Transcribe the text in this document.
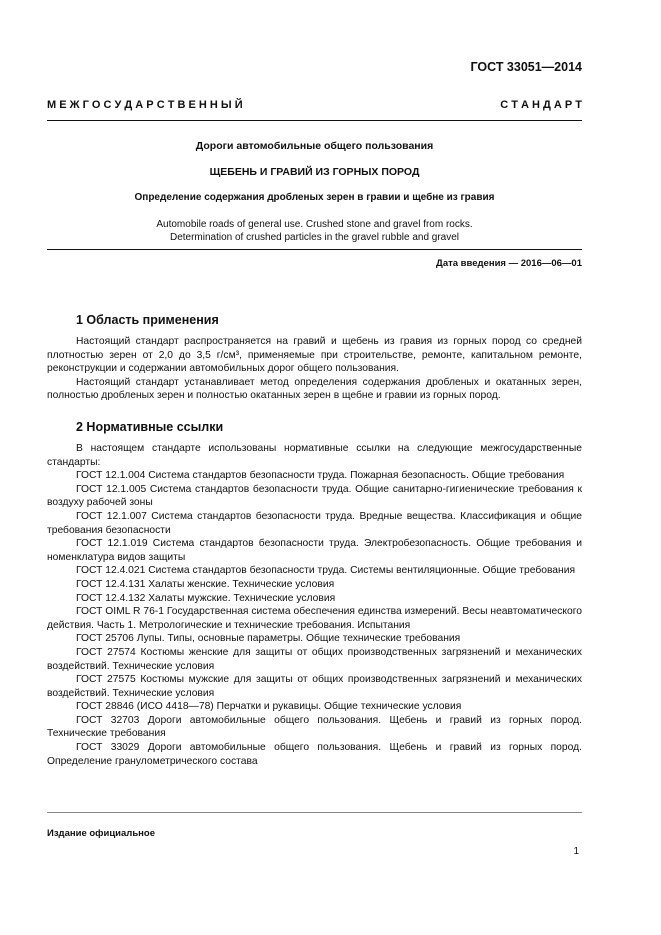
ГОСТ 33051—2014
М Е Ж Г О С У Д А Р С Т В Е Н Н Ы Й	С Т А Н Д А Р Т
Дороги автомобильные общего пользования
ЩЕБЕНЬ И ГРАВИЙ ИЗ ГОРНЫХ ПОРОД
Определение содержания дробленых зерен в гравии и щебне из гравия
Automobile roads of general use. Crushed stone and gravel from rocks.
Determination of crushed particles in the gravel rubble and gravel
Дата введения — 2016—06—01
1 Область применения

Настоящий стандарт распространяется на гравий и щебень из гравия из горных пород со средней плотностью зерен от 2,0 до 3,5 г/см³, применяемые при строительстве, ремонте, капитальном ремонте, реконструкции и содержании автомобильных дорог общего пользования.

Настоящий стандарт устанавливает метод определения содержания дробленых и окатанных зерен, полностью дробленых зерен и полностью окатанных зерен в щебне и гравии из горных пород.

2 Нормативные ссылки

В настоящем стандарте использованы нормативные ссылки на следующие межгосударственные стандарты:

ГОСТ 12.1.004 Система стандартов безопасности труда. Пожарная безопасность. Общие требования

ГОСТ 12.1.005 Система стандартов безопасности труда. Общие санитарно-гигиенические требования к воздуху рабочей зоны

ГОСТ 12.1.007 Система стандартов безопасности труда. Вредные вещества. Классификация и общие требования безопасности

ГОСТ 12.1.019 Система стандартов безопасности труда. Электробезопасность. Общие требования и номенклатура видов защиты

ГОСТ 12.4.021 Система стандартов безопасности труда. Системы вентиляционные. Общие требования

ГОСТ 12.4.131 Халаты женские. Технические условия

ГОСТ 12.4.132 Халаты мужские. Технические условия

ГОСТ OIML R 76-1 Государственная система обеспечения единства измерений. Весы неавтоматического действия. Часть 1. Метрологические и технические требования. Испытания

ГОСТ 25706 Лупы. Типы, основные параметры. Общие технические требования

ГОСТ 27574 Костюмы женские для защиты от общих производственных загрязнений и механических воздействий. Технические условия

ГОСТ 27575 Костюмы мужские для защиты от общих производственных загрязнений и механических воздействий. Технические условия

ГОСТ 28846 (ИСО 4418—78) Перчатки и рукавицы. Общие технические условия

ГОСТ 32703 Дороги автомобильные общего пользования. Щебень и гравий из горных пород. Технические требования

ГОСТ 33029 Дороги автомобильные общего пользования. Щебень и гравий из горных пород. Определение гранулометрического состава

Издание официальное
1
